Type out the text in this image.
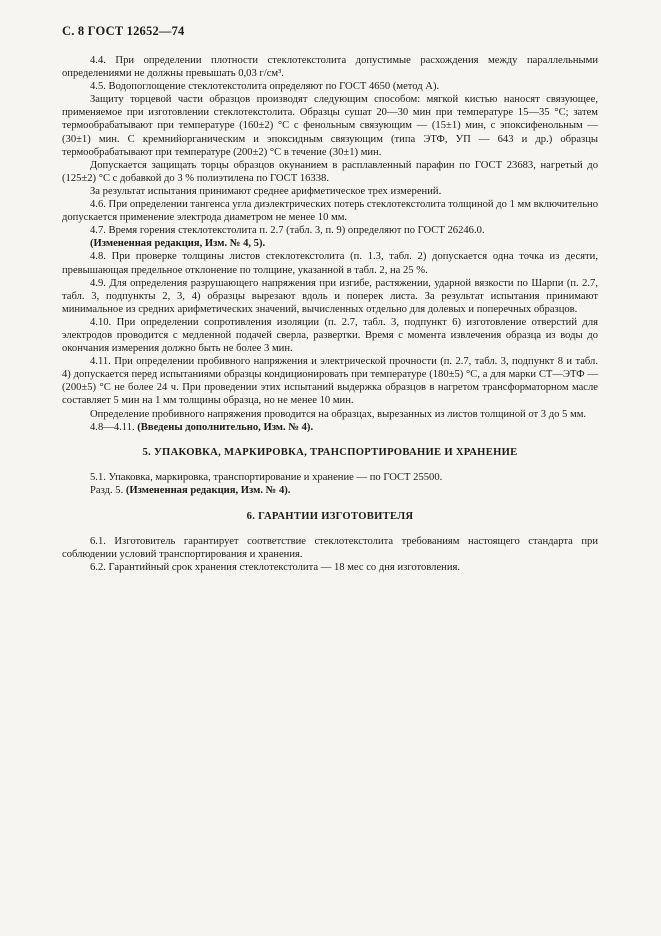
С. 8 ГОСТ 12652—74

4.4. При определении плотности стеклотекстолита допустимые расхождения между параллельными определениями не должны превышать 0,03 г/см³.

4.5. Водопоглощение стеклотекстолита определяют по ГОСТ 4650 (метод А).

Защиту торцевой части образцов производят следующим способом: мягкой кистью наносят связующее, применяемое при изготовлении стеклотекстолита. Образцы сушат 20—30 мин при температуре 15—35 °С; затем термообрабатывают при температуре (160±2) °С с фенольным связующим — (15±1) мин, с эпоксифенольным — (30±1) мин. С кремнийорганическим и эпоксидным связующим (типа ЭТФ, УП — 643 и др.) образцы термообрабатывают при температуре (200±2) °С в течение (30±1) мин.

Допускается защищать торцы образцов окунанием в расплавленный парафин по ГОСТ 23683, нагретый до (125±2) °С с добавкой до 3 % полиэтилена по ГОСТ 16338.

За результат испытания принимают среднее арифметическое трех измерений.

4.6. При определении тангенса угла диэлектрических потерь стеклотекстолита толщиной до 1 мм включительно допускается применение электрода диаметром не менее 10 мм.

4.7. Время горения стеклотекстолита п. 2.7 (табл. 3, п. 9) определяют по ГОСТ 26246.0.

(Измененная редакция, Изм. № 4, 5).

4.8. При проверке толщины листов стеклотекстолита (п. 1.3, табл. 2) допускается одна точка из десяти, превышающая предельное отклонение по толщине, указанной в табл. 2, на 25 %.

4.9. Для определения разрушающего напряжения при изгибе, растяжении, ударной вязкости по Шарпи (п. 2.7, табл. 3, подпункты 2, 3, 4) образцы вырезают вдоль и поперек листа. За результат испытания принимают минимальное из средних арифметических значений, вычисленных отдельно для долевых и поперечных образцов.

4.10. При определении сопротивления изоляции (п. 2.7, табл. 3, подпункт 6) изготовление отверстий для электродов проводится с медленной подачей сверла, развертки. Время с момента извлечения образца из воды до окончания измерения должно быть не более 3 мин.

4.11. При определении пробивного напряжения и электрической прочности (п. 2.7, табл. 3, подпункт 8 и табл. 4) допускается перед испытаниями образцы кондиционировать при температуре (180±5) °С, а для марки СТ—ЭТФ — (200±5) °С не более 24 ч. При проведении этих испытаний выдержка образцов в нагретом трансформаторном масле составляет 5 мин на 1 мм толщины образца, но не менее 10 мин.

Определение пробивного напряжения проводится на образцах, вырезанных из листов толщиной от 3 до 5 мм.

4.8—4.11. (Введены дополнительно, Изм. № 4).

5. УПАКОВКА, МАРКИРОВКА, ТРАНСПОРТИРОВАНИЕ И ХРАНЕНИЕ

5.1. Упаковка, маркировка, транспортирование и хранение — по ГОСТ 25500.

Разд. 5. (Измененная редакция, Изм. № 4).

6. ГАРАНТИИ ИЗГОТОВИТЕЛЯ

6.1. Изготовитель гарантирует соответствие стеклотекстолита требованиям настоящего стандарта при соблюдении условий транспортирования и хранения.

6.2. Гарантийный срок хранения стеклотекстолита — 18 мес со дня изготовления.
